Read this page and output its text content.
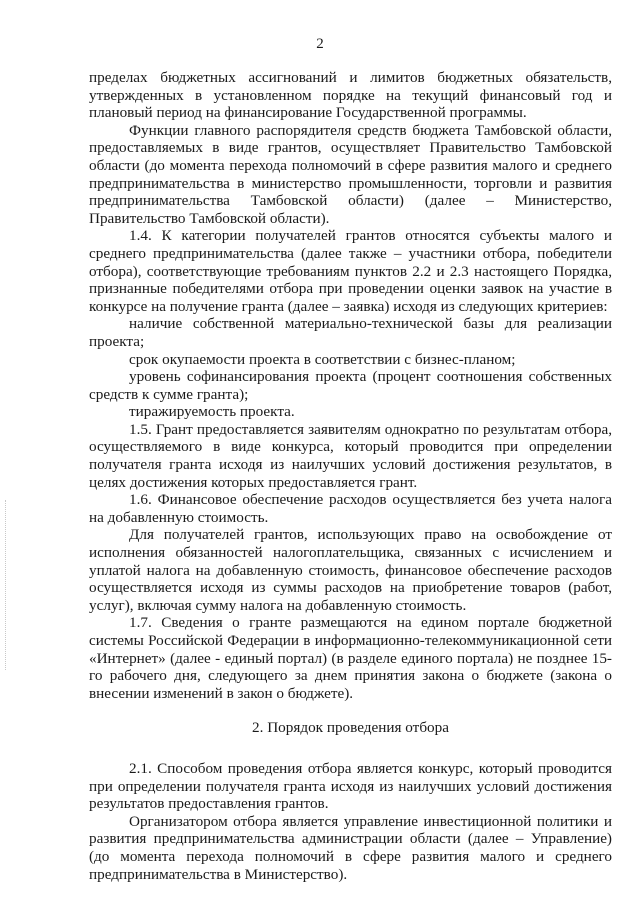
2

пределах бюджетных ассигнований и лимитов бюджетных обязательств, утвержденных в установленном порядке на текущий финансовый год и плановый период на финансирование Государственной программы.

Функции главного распорядителя средств бюджета Тамбовской области, предоставляемых в виде грантов, осуществляет Правительство Тамбовской области (до момента перехода полномочий в сфере развития малого и среднего предпринимательства в министерство промышленности, торговли и развития предпринимательства Тамбовской области) (далее – Министерство, Правительство Тамбовской области).

1.4. К категории получателей грантов относятся субъекты малого и среднего предпринимательства (далее также – участники отбора, победители отбора), соответствующие требованиям пунктов 2.2 и 2.3 настоящего Порядка, признанные победителями отбора при проведении оценки заявок на участие в конкурсе на получение гранта (далее – заявка) исходя из следующих критериев:

наличие собственной материально-технической базы для реализации проекта;

срок окупаемости проекта в соответствии с бизнес-планом;

уровень софинансирования проекта (процент соотношения собственных средств к сумме гранта);

тиражируемость проекта.

1.5. Грант предоставляется заявителям однократно по результатам отбора, осуществляемого в виде конкурса, который проводится при определении получателя гранта исходя из наилучших условий достижения результатов, в целях достижения которых предоставляется грант.

1.6. Финансовое обеспечение расходов осуществляется без учета налога на добавленную стоимость.

Для получателей грантов, использующих право на освобождение от исполнения обязанностей налогоплательщика, связанных с исчислением и уплатой налога на добавленную стоимость, финансовое обеспечение расходов осуществляется исходя из суммы расходов на приобретение товаров (работ, услуг), включая сумму налога на добавленную стоимость.

1.7. Сведения о гранте размещаются на едином портале бюджетной системы Российской Федерации в информационно-телекоммуникационной сети «Интернет» (далее - единый портал) (в разделе единого портала) не позднее 15-го рабочего дня, следующего за днем принятия закона о бюджете (закона о внесении изменений в закон о бюджете).

2. Порядок проведения отбора

2.1. Способом проведения отбора является конкурс, который проводится при определении получателя гранта исходя из наилучших условий достижения результатов предоставления грантов.

Организатором отбора является управление инвестиционной политики и развития предпринимательства администрации области (далее – Управление) (до момента перехода полномочий в сфере развития малого и среднего предпринимательства в Министерство).
